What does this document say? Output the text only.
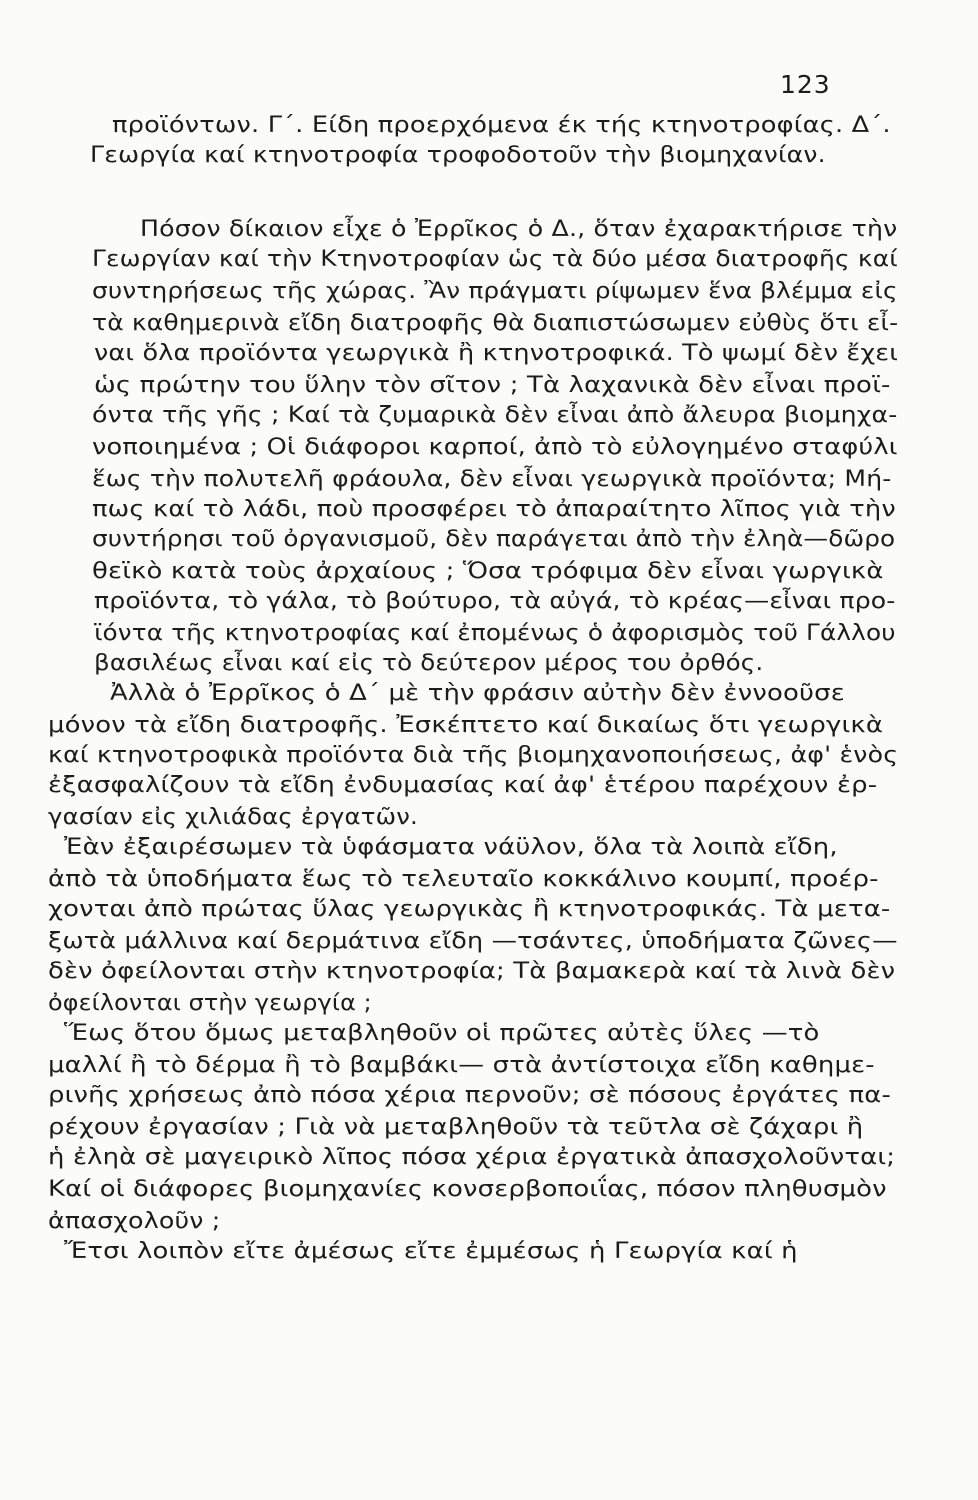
123
προϊόντων. Γ΄. Είδη προερχόμενα έκ τής κτηνοτροφίας. Δ΄.
Γεωργία καί κτηνοτροφία τροφοδοτοῦν τὴν βιομηχανίαν.
Πόσον δίκαιον εἶχε ὁ Ἐρρῖκος ὁ Δ., ὅταν ἐχαρακτήρισε τὴν
Γεωργίαν καί τὴν Κτηνοτροφίαν ὡς τὰ δύο μέσα διατροφῆς καί
συντηρήσεως τῆς χώρας. Ἂν πράγματι ρίψωμεν ἕνα βλέμμα εἰς
τὰ καθημερινὰ εἴδη διατροφῆς θὰ διαπιστώσωμεν εὐθὺς ὅτι εἶ-
ναι ὅλα προϊόντα γεωργικὰ ἢ κτηνοτροφικά. Τὸ ψωμί δὲν ἔχει
ὡς πρώτην του ὕλην τὸν σῖτον ; Τὰ λαχανικὰ δὲν εἶναι προϊ-
όντα τῆς γῆς ; Καί τὰ ζυμαρικὰ δὲν εἶναι ἀπὸ ἄλευρα βιομηχα-
νοποιημένα ; Οἱ διάφοροι καρποί, ἀπὸ τὸ εὐλογημένο σταφύλι
ἕως τὴν πολυτελῆ φράουλα, δὲν εἶναι γεωργικὰ προϊόντα; Μή-
πως καί τὸ λάδι, ποὺ προσφέρει τὸ ἀπαραίτητο λῖπος γιὰ τὴν
συντήρησι τοῦ ὀργανισμοῦ, δὲν παράγεται ἀπὸ τὴν ἐληὰ—δῶρο
θεϊκὸ κατὰ τοὺς ἀρχαίους ; Ὅσα τρόφιμα δὲν εἶναι γωργικὰ
προϊόντα, τὸ γάλα, τὸ βούτυρο, τὰ αὐγά, τὸ κρέας—εἶναι προ-
ϊόντα τῆς κτηνοτροφίας καί ἐπομένως ὁ ἀφορισμὸς τοῦ Γάλλου
βασιλέως εἶναι καί εἰς τὸ δεύτερον μέρος του ὀρθός.
Ἀλλὰ ὁ Ἐρρῖκος ὁ Δ΄ μὲ τὴν φράσιν αὐτὴν δὲν ἐννοοῦσε
μόνον τὰ εἴδη διατροφῆς. Ἐσκέπτετο καί δικαίως ὅτι γεωργικὰ
καί κτηνοτροφικὰ προϊόντα διὰ τῆς βιομηχανοποιήσεως, ἀφ' ἑνὸς
ἐξασφαλίζουν τὰ εἴδη ἐνδυμασίας καί ἀφ' ἑτέρου παρέχουν ἐρ-
γασίαν εἰς χιλιάδας ἐργατῶν.
Ἐὰν ἐξαιρέσωμεν τὰ ὑφάσματα νάϋλον, ὅλα τὰ λοιπὰ εἴδη,
ἀπὸ τὰ ὑποδήματα ἕως τὸ τελευταῖο κοκκάλινο κουμπί, προέρ-
χονται ἀπὸ πρώτας ὕλας γεωργικὰς ἢ κτηνοτροφικάς. Τὰ μετα-
ξωτὰ μάλλινα καί δερμάτινα εἴδη —τσάντες, ὑποδήματα ζῶνες—
δὲν ὀφείλονται στὴν κτηνοτροφία; Τὰ βαμακερὰ καί τὰ λινὰ δὲν
ὀφείλονται στὴν γεωργία ;
Ἕως ὅτου ὅμως μεταβληθοῦν οἱ πρῶτες αὐτὲς ὕλες —τὸ
μαλλί ἢ τὸ δέρμα ἢ τὸ βαμβάκι— στὰ ἀντίστοιχα εἴδη καθημε-
ρινῆς χρήσεως ἀπὸ πόσα χέρια περνοῦν; σὲ πόσους ἐργάτες πα-
ρέχουν ἐργασίαν ; Γιὰ νὰ μεταβληθοῦν τὰ τεῦτλα σὲ ζάχαρι ἢ
ἡ ἐληὰ σὲ μαγειρικὸ λῖπος πόσα χέρια ἐργατικὰ ἀπασχολοῦνται;
Καί οἱ διάφορες βιομηχανίες κονσερβοποιΐας, πόσον πληθυσμὸν
ἀπασχολοῦν ;
Ἔτσι λοιπὸν εἴτε ἀμέσως εἴτε ἐμμέσως ἡ Γεωργία καί ἡ
